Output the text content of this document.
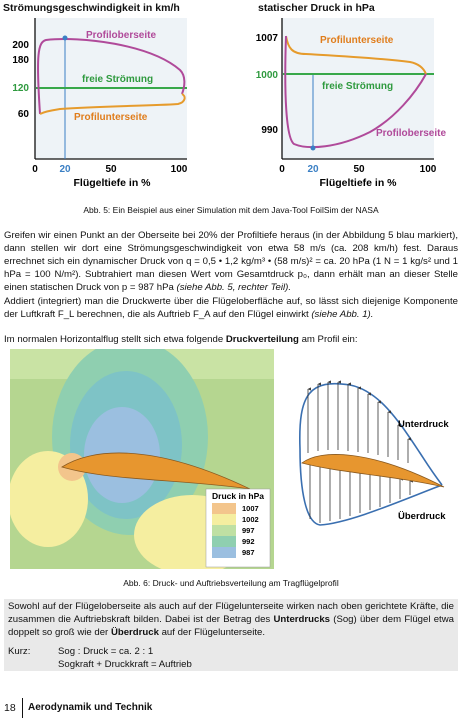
Strömungsgeschwindigkeit in km/h
200
180
120
60
0 20	50	100
Profiloberseite
freie Strömung
Profilunterseite
Flügeltiefe in %
statischer Druck in hPa
1007
1000
990
0 20	50	100
Profilunterseite
freie Strömung
Profiloberseite
Flügeltiefe in %
Abb. 5: Ein Beispiel aus einer Simulation mit dem Java-Tool FoilSim der NASA
Greifen wir einen Punkt an der Oberseite bei 20% der Profiltiefe heraus (in der Abbildung 5 blau markiert), dann stellen wir dort eine Strömungsgeschwindigkeit von etwa 58 m/s (ca. 208 km/h) fest. Daraus errechnet sich ein dynamischer Druck von q = 0,5 • 1,2 kg/m³ • (58 m/s)² = ca. 20 hPa (1 N = 1 kg/s² und 1 hPa = 100 N/m²). Subtrahiert man diesen Wert vom Gesamtdruck p₀, dann erhält man an dieser Stelle einen statischen Druck von p = 987 hPa (siehe Abb. 5, rechter Teil).
Addiert (integriert) man die Druckwerte über die Flügeloberfläche auf, so lässt sich diejenige Komponente der Luftkraft F_L berechnen, die als Auftrieb F_A auf den Flügel einwirkt (siehe Abb. 1).
Im normalen Horizontalflug stellt sich etwa folgende Druckverteilung am Profil ein:
Druck in hPa
1007
1002
997
992
987
Unterdruck
Überdruck
Abb. 6: Druck- und Auftriebsverteilung am Tragflügelprofil
Sowohl auf der Flügeloberseite als auch auf der Flügelunterseite wirken nach oben gerichtete Kräfte, die zusammen die Auftriebskraft bilden. Dabei ist der Betrag des Unterdrucks (Sog) über dem Flügel etwa doppelt so groß wie der Überdruck auf der Flügelunterseite.
Kurz:	Sog : Druck = ca. 2 : 1
Sogkraft + Druckkraft = Auftrieb
18 Aerodynamik und Technik
